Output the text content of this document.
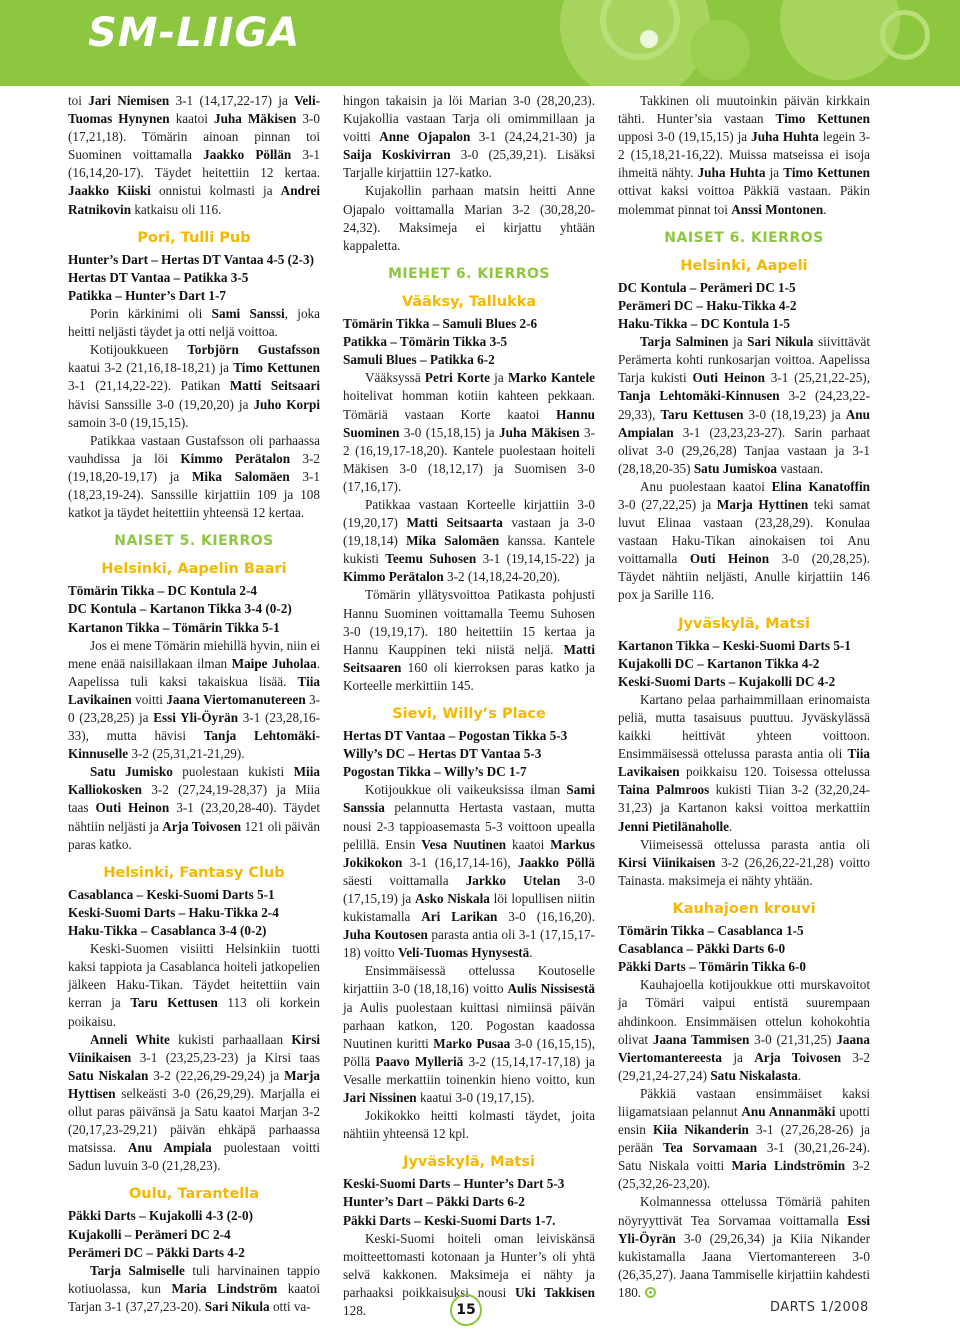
SM-LIIGA

toi Jari Niemisen 3-1 (14,17,22-17) ja Veli-Tuomas Hynynen kaatoi Juha Mäkisen 3-0 (17,21,18). Tömärin ainoan pinnan toi Suominen voittamalla Jaakko Pöllän 3-1 (16,14,20-17). Täydet heitettiin 12 kertaa. Jaakko Kiiski onnistui kolmasti ja Andrei Ratnikovin katkaisu oli 116.

Pori, Tulli Pub
Hunter’s Dart – Hertas DT Vantaa 4-5 (2-3)
Hertas DT Vantaa – Patikka 3-5
Patikka – Hunter’s Dart 1-7

Porin kärkinimi oli Sami Sanssi, joka heitti neljästi täydet ja otti neljä voittoa.

Kotijoukkueen Torbjörn Gustafsson kaatui 3-2 (21,16,18-18,21) ja Timo Kettunen 3-1 (21,14,22-22). Patikan Matti Seitsaari hävisi Sanssille 3-0 (19,20,20) ja Juho Korpi samoin 3-0 (19,15,15).

Patikkaa vastaan Gustafsson oli parhaassa vauhdissa ja löi Kimmo Perätalon 3-2 (19,18,20-19,17) ja Mika Salomäen 3-1 (18,23,19-24). Sanssille kirjattiin 109 ja 108 katkot ja täydet heitettiin yhteensä 12 kertaa.

NAISET 5. KIERROS
Helsinki, Aapelin Baari
Tömärin Tikka – DC Kontula 2-4
DC Kontula – Kartanon Tikka 3-4 (0-2)
Kartanon Tikka – Tömärin Tikka 5-1

Jos ei mene Tömärin miehillä hyvin, niin ei mene enää naisillakaan ilman Maipe Juholaa. Aapelissa tuli kaksi takaiskua lisää. Tiia Lavikainen voitti Jaana Viertomanutereen 3-0 (23,28,25) ja Essi Yli-Öyrän 3-1 (23,28,16-33), mutta hävisi Tanja Lehtomäki-Kinnuselle 3-2 (25,31,21-21,29).

Satu Jumisko puolestaan kukisti Miia Kalliokosken 3-2 (27,24,19-28,37) ja Miia taas Outi Heinon 3-1 (23,20,28-40). Täydet nähtiin neljästi ja Arja Toivosen 121 oli päivän paras katko.

Helsinki, Fantasy Club
Casablanca – Keski-Suomi Darts 5-1
Keski-Suomi Darts – Haku-Tikka 2-4
Haku-Tikka – Casablanca 3-4 (0-2)

Keski-Suomen visiitti Helsinkiin tuotti kaksi tappiota ja Casablanca hoiteli jatkopelien jälkeen Haku-Tikan. Täydet heitettiin vain kerran ja Taru Kettusen 113 oli korkein poikaisu.

Anneli White kukisti parhaallaan Kirsi Viinikaisen 3-1 (23,25,23-23) ja Kirsi taas Satu Niskalan 3-2 (22,26,29-29,24) ja Marja Hyttisen selkeästi 3-0 (26,29,29). Marjalla ei ollut paras päivänsä ja Satu kaatoi Marjan 3-2 (20,17,23-29,21) päivän ehkäpä parhaassa matsissa. Anu Ampiala puolestaan voitti Sadun luvuin 3-0 (21,28,23).

Oulu, Tarantella
Päkki Darts – Kujakolli 4-3 (2-0)
Kujakolli – Perämeri DC 2-4
Perämeri DC – Päkki Darts 4-2

Tarja Salmiselle tuli harvinainen tappio kotiuolassa, kun Maria Lindström kaatoi Tarjan 3-1 (37,27,23-20). Sari Nikula otti va-

hingon takaisin ja löi Marian 3-0 (28,20,23). Kujakollia vastaan Tarja oli omimmillaan ja voitti Anne Ojapalon 3-1 (24,24,21-30) ja Saija Koskivirran 3-0 (25,39,21). Lisäksi Tarjalle kirjattiin 127-katko.

Kujakollin parhaan matsin heitti Anne Ojapalo voittamalla Marian 3-2 (30,28,20-24,32). Maksimeja ei kirjattu yhtään kappaletta.

MIEHET 6. KIERROS
Vääksy, Tallukka
Tömärin Tikka – Samuli Blues 2-6
Patikka – Tömärin Tikka 3-5
Samuli Blues – Patikka 6-2

Vääksyssä Petri Korte ja Marko Kantele hoitelivat homman kotiin kahteen pekkaan. Tömäriä vastaan Korte kaatoi Hannu Suominen 3-0 (15,18,15) ja Juha Mäkisen 3-2 (16,19,17-18,20). Kantele puolestaan hoiteli Mäkisen 3-0 (18,12,17) ja Suomisen 3-0 (17,16,17).

Patikkaa vastaan Korteelle kirjattiin 3-0 (19,20,17) Matti Seitsaarta vastaan ja 3-0 (19,18,14) Mika Salomäen kanssa. Kantele kukisti Teemu Suhosen 3-1 (19,14,15-22) ja Kimmo Perätalon 3-2 (14,18,24-20,20).

Tömärin yllätysvoittoa Patikasta pohjusti Hannu Suominen voittamalla Teemu Suhosen 3-0 (19,19,17). 180 heitettiin 15 kertaa ja Hannu Kauppinen teki niistä neljä. Matti Seitsaaren 160 oli kierroksen paras katko ja Korteelle merkittiin 145.

Sievi, Willy’s Place
Hertas DT Vantaa – Pogostan Tikka 5-3
Willy’s DC – Hertas DT Vantaa 5-3
Pogostan Tikka – Willy’s DC 1-7

Kotijoukkue oli vaikeuksissa ilman Sami Sanssia pelannutta Hertasta vastaan, mutta nousi 2-3 tappioasemasta 5-3 voittoon upealla pelillä. Ensin Vesa Nuutinen kaatoi Markus Jokikokon 3-1 (16,17,14-16), Jaakko Pöllä säesti voittamalla Jarkko Utelan 3-0 (17,15,19) ja Asko Niskala löi lopullisen niitin kukistamalla Ari Larikan 3-0 (16,16,20). Juha Koutosen parasta antia oli 3-1 (17,15,17-18) voitto Veli-Tuomas Hynysestä.

Ensimmäisessä ottelussa Koutoselle kirjattiin 3-0 (18,18,16) voitto Aulis Nissisestä ja Aulis puolestaan kuittasi nimiinsä päivän parhaan katkon, 120. Pogostan kaadossa Nuutinen kuritti Marko Pusaa 3-0 (16,15,15), Pöllä Paavo Mylleriä 3-2 (15,14,17-17,18) ja Vesalle merkattiin toinenkin hieno voitto, kun Jari Nissinen kaatui 3-0 (19,17,15).

Jokikokko heitti kolmasti täydet, joita nähtiin yhteensä 12 kpl.

Jyväskylä, Matsi
Keski-Suomi Darts – Hunter’s Dart 5-3
Hunter’s Dart – Päkki Darts 6-2
Päkki Darts – Keski-Suomi Darts 1-7.

Keski-Suomi hoiteli oman leiviskänsä moitteettomasti kotonaan ja Hunter’s oli yhtä selvä kakkonen. Maksimeja ei nähty ja parhaaksi poikkaisuksi nousi Uki Takkisen 128.

Takkinen oli muutoinkin päivän kirkkain tähti. Hunter’sia vastaan Timo Kettunen upposi 3-0 (19,15,15) ja Juha Huhta legein 3-2 (15,18,21-16,22). Muissa matseissa ei isoja ihmeitä nähty. Juha Huhta ja Timo Kettunen ottivat kaksi voittoa Päkkiä vastaan. Päkin molemmat pinnat toi Anssi Montonen.

NAISET 6. KIERROS
Helsinki, Aapeli
DC Kontula – Perämeri DC 1-5
Perämeri DC – Haku-Tikka 4-2
Haku-Tikka – DC Kontula 1-5

Tarja Salminen ja Sari Nikula siivittävät Perämerta kohti runkosarjan voittoa. Aapelissa Tarja kukisti Outi Heinon 3-1 (25,21,22-25), Tanja Lehtomäki-Kinnusen 3-2 (24,23,22-29,33), Taru Kettusen 3-0 (18,19,23) ja Anu Ampialan 3-1 (23,23,23-27). Sarin parhaat olivat 3-0 (29,26,28) Tanjaa vastaan ja 3-1 (28,18,20-35) Satu Jumiskoa vastaan.

Anu puolestaan kaatoi Elina Kanatoffin 3-0 (27,22,25) ja Marja Hyttinen teki samat luvut Elinaa vastaan (23,28,29). Konulaa vastaan Haku-Tikan ainokaisen toi Anu voittamalla Outi Heinon 3-0 (20,28,25). Täydet nähtiin neljästi, Anulle kirjattiin 146 pox ja Sarille 116.

Jyväskylä, Matsi
Kartanon Tikka – Keski-Suomi Darts 5-1
Kujakolli DC – Kartanon Tikka 4-2
Keski-Suomi Darts – Kujakolli DC 4-2

Kartano pelaa parhaimmillaan erinomaista peliä, mutta tasaisuus puuttuu. Jyväskylässä kaikki heittivät yhteen voittoon. Ensimmäisessä ottelussa parasta antia oli Tiia Lavikaisen poikkaisu 120. Toisessa ottelussa Taina Palmroos kukisti Tiian 3-2 (32,20,24-31,23) ja Kartanon kaksi voittoa merkattiin Jenni Pietilänaholle.

Viimeisessä ottelussa parasta antia oli Kirsi Viinikaisen 3-2 (26,26,22-21,28) voitto Tainasta. maksimeja ei nähty yhtään.

Kauhajoen krouvi
Tömärin Tikka – Casablanca 1-5
Casablanca – Päkki Darts 6-0
Päkki Darts – Tömärin Tikka 6-0

Kauhajoella kotijoukkue otti murskavoitot ja Tömäri vaipui entistä suurempaan ahdinkoon. Ensimmäisen ottelun kohokohtia olivat Jaana Tammisen 3-0 (21,31,25) Jaana Viertomantereesta ja Arja Toivosen 3-2 (29,21,24-27,24) Satu Niskalasta.

Päkkiä vastaan ensimmäiset kaksi liigamatsiaan pelannut Anu Annanmäki upotti ensin Kiia Nikanderin 3-1 (27,26,28-26) ja perään Tea Sorvamaan 3-1 (30,21,26-24). Satu Niskala voitti Maria Lindströmin 3-2 (25,32,26-23,20).

Kolmannessa ottelussa Tömäriä pahiten nöyryyttivät Tea Sorvamaa voittamalla Essi Yli-Öyrän 3-0 (29,26,34) ja Kiia Nikander kukistamalla Jaana Viertomantereen 3-0 (26,35,27). Jaana Tammiselle kirjattiin kahdesti 180.

15	DARTS 1/2008
